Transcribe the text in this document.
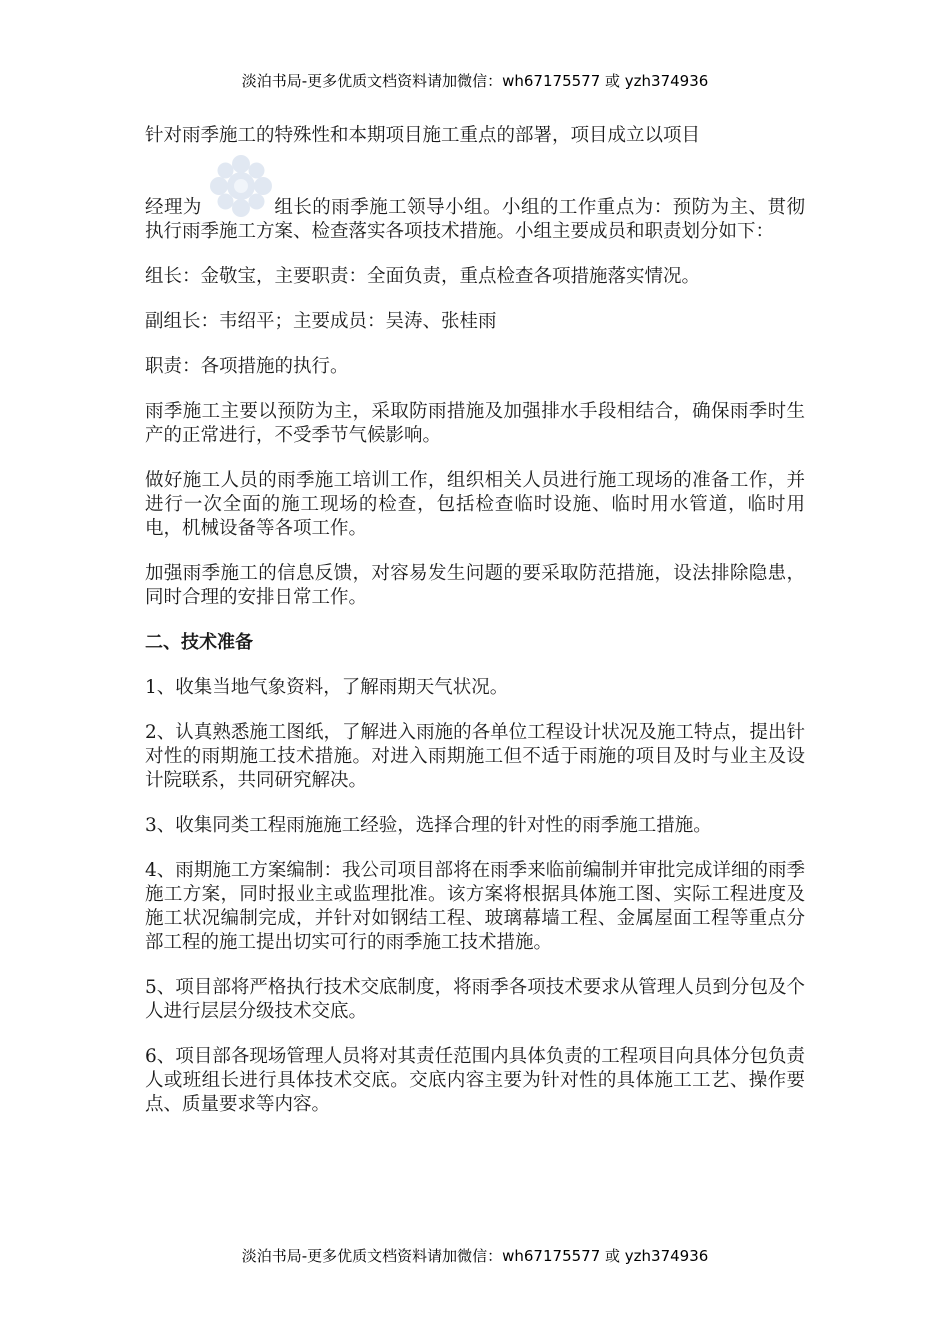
淡泊书局-更多优质文档资料请加微信：wh67175577 或 yzh374936

针对雨季施工的特殊性和本期项目施工重点的部署，项目成立以项目

经理为	组长的雨季施工领导小组。小组的工作重点为：预防为主、贯彻执行雨季施工方案、检查落实各项技术措施。小组主要成员和职责划分如下：

组长：金敬宝，主要职责：全面负责，重点检查各项措施落实情况。

副组长：韦绍平；主要成员：吴涛、张桂雨

职责：各项措施的执行。

雨季施工主要以预防为主，采取防雨措施及加强排水手段相结合，确保雨季时生产的正常进行，不受季节气候影响。

做好施工人员的雨季施工培训工作，组织相关人员进行施工现场的准备工作，并进行一次全面的施工现场的检查，包括检查临时设施、临时用水管道，临时用电，机械设备等各项工作。

加强雨季施工的信息反馈，对容易发生问题的要采取防范措施，设法排除隐患，同时合理的安排日常工作。

二、技术准备

1、收集当地气象资料，了解雨期天气状况。

2、认真熟悉施工图纸，了解进入雨施的各单位工程设计状况及施工特点，提出针对性的雨期施工技术措施。对进入雨期施工但不适于雨施的项目及时与业主及设计院联系，共同研究解决。

3、收集同类工程雨施施工经验，选择合理的针对性的雨季施工措施。

4、雨期施工方案编制：我公司项目部将在雨季来临前编制并审批完成详细的雨季施工方案，同时报业主或监理批准。该方案将根据具体施工图、实际工程进度及施工状况编制完成，并针对如钢结工程、玻璃幕墙工程、金属屋面工程等重点分部工程的施工提出切实可行的雨季施工技术措施。

5、项目部将严格执行技术交底制度，将雨季各项技术要求从管理人员到分包及个人进行层层分级技术交底。

6、项目部各现场管理人员将对其责任范围内具体负责的工程项目向具体分包负责人或班组长进行具体技术交底。交底内容主要为针对性的具体施工工艺、操作要点、质量要求等内容。

淡泊书局-更多优质文档资料请加微信：wh67175577 或 yzh374936
